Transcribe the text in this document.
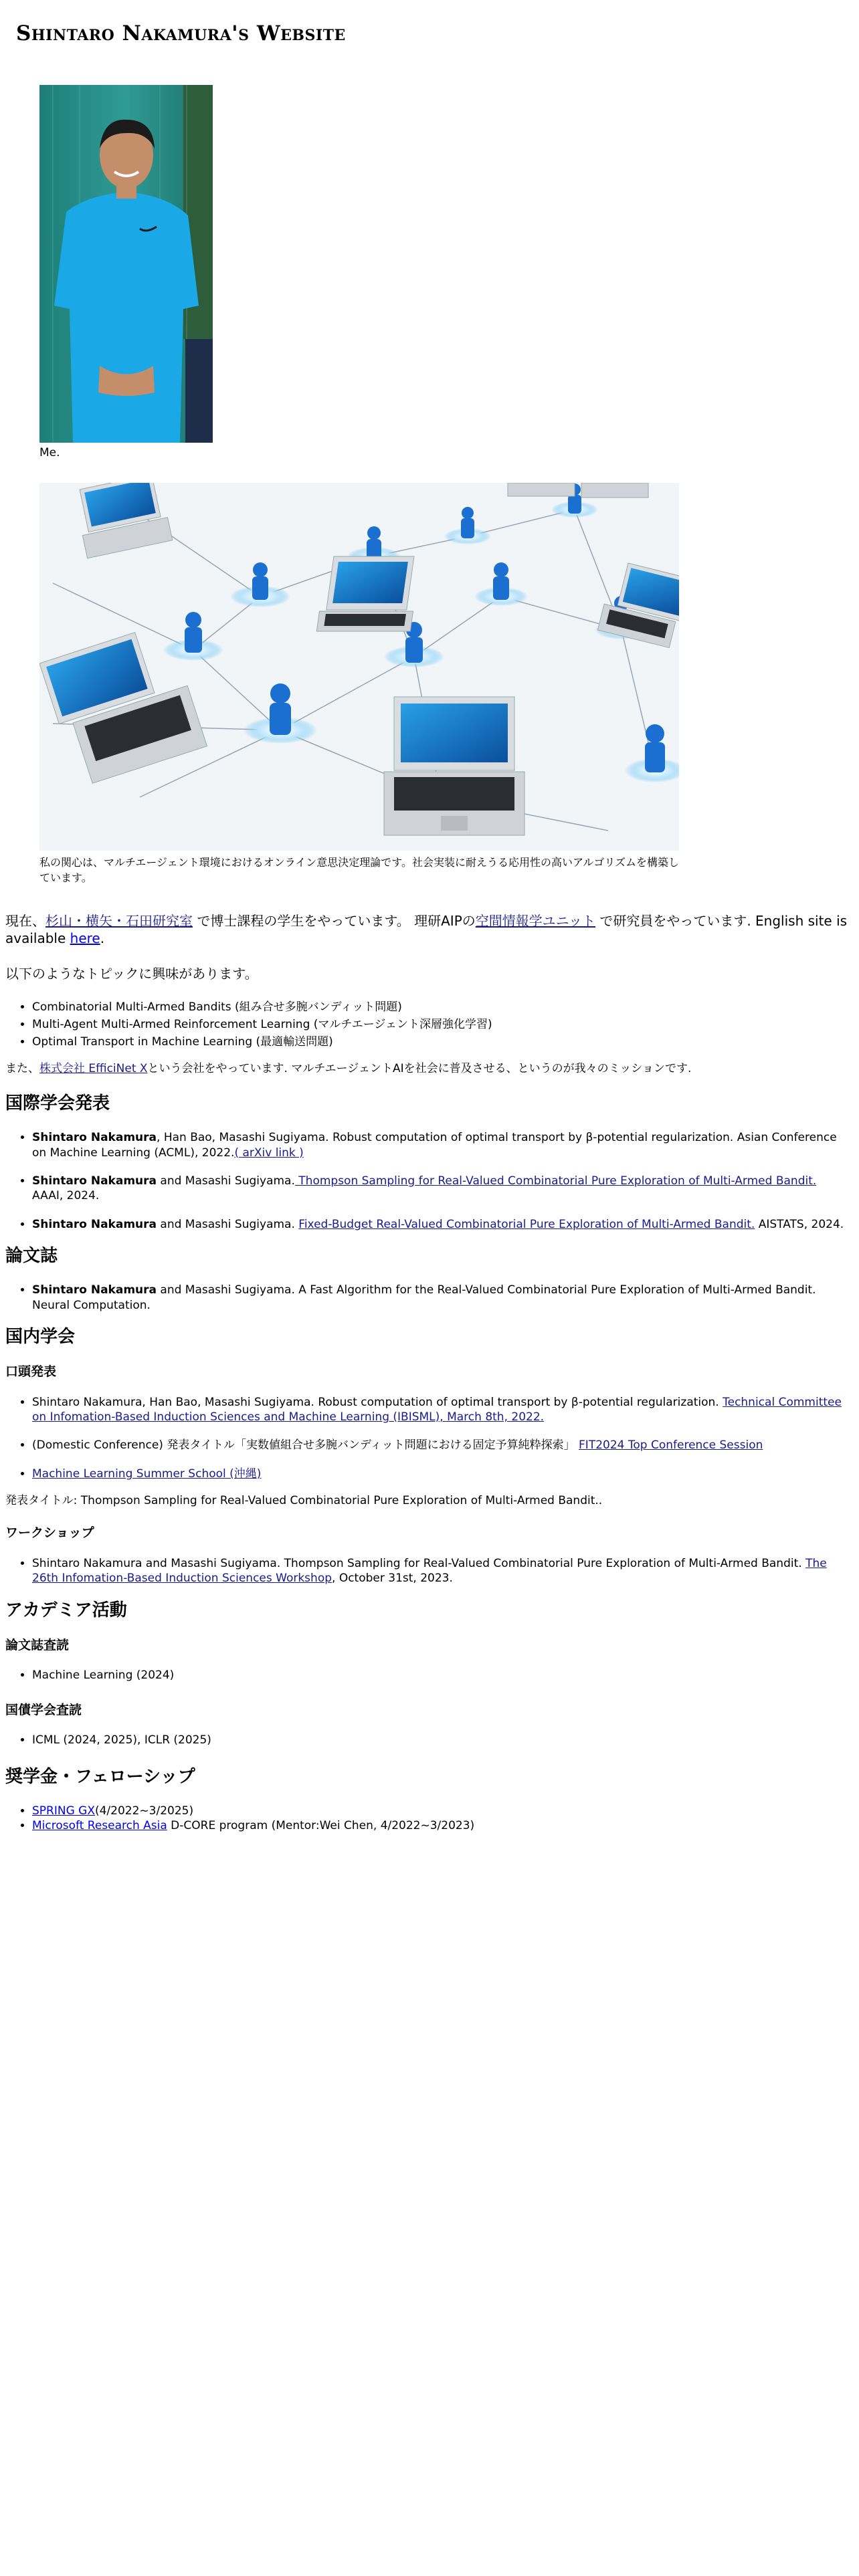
Shintaro Nakamura's Website
Me.
私の関心は、マルチエージェント環境におけるオンライン意思決定理論です。社会実装に耐えうる応用性の高いアルゴリズムを構築しています。

現在、杉山・横矢・石田研究室 で博士課程の学生をやっています。 理研AIPの空間情報学ユニット で研究員をやっています. English site is available here.

以下のようなトピックに興味があります。

• Combinatorial Multi-Armed Bandits (組み合せ多腕バンディット問題)
• Multi-Agent Multi-Armed Reinforcement Learning (マルチエージェント深層強化学習)
• Optimal Transport in Machine Learning (最適輸送問題)

また、株式会社 EfficiNet Xという会社をやっています. マルチエージェントAIを社会に普及させる、というのが我々のミッションです.

国際学会発表
• Shintaro Nakamura, Han Bao, Masashi Sugiyama. Robust computation of optimal transport by β-potential regularization. Asian Conference on Machine Learning (ACML), 2022.( arXiv link )
• Shintaro Nakamura and Masashi Sugiyama. Thompson Sampling for Real-Valued Combinatorial Pure Exploration of Multi-Armed Bandit. AAAI, 2024.
• Shintaro Nakamura and Masashi Sugiyama. Fixed-Budget Real-Valued Combinatorial Pure Exploration of Multi-Armed Bandit. AISTATS, 2024.
論文誌
• Shintaro Nakamura and Masashi Sugiyama. A Fast Algorithm for the Real-Valued Combinatorial Pure Exploration of Multi-Armed Bandit. Neural Computation.
国内学会
口頭発表
• Shintaro Nakamura, Han Bao, Masashi Sugiyama. Robust computation of optimal transport by β-potential regularization. Technical Committee on Infomation-Based Induction Sciences and Machine Learning (IBISML), March 8th, 2022.
• (Domestic Conference) 発表タイトル「実数値組合せ多腕バンディット問題における固定予算純粋探索」 FIT2024 Top Conference Session
• Machine Learning Summer School (沖縄)

発表タイトル: Thompson Sampling for Real-Valued Combinatorial Pure Exploration of Multi-Armed Bandit..

ワークショップ
• Shintaro Nakamura and Masashi Sugiyama. Thompson Sampling for Real-Valued Combinatorial Pure Exploration of Multi-Armed Bandit. The 26th Infomation-Based Induction Sciences Workshop, October 31st, 2023.
アカデミア活動
論文誌査読
• Machine Learning (2024)
国債学会査読
• ICML (2024, 2025), ICLR (2025)
奨学金・フェローシップ
• SPRING GX(4/2022~3/2025)
• Microsoft Research Asia D-CORE program (Mentor:Wei Chen, 4/2022~3/2023)
